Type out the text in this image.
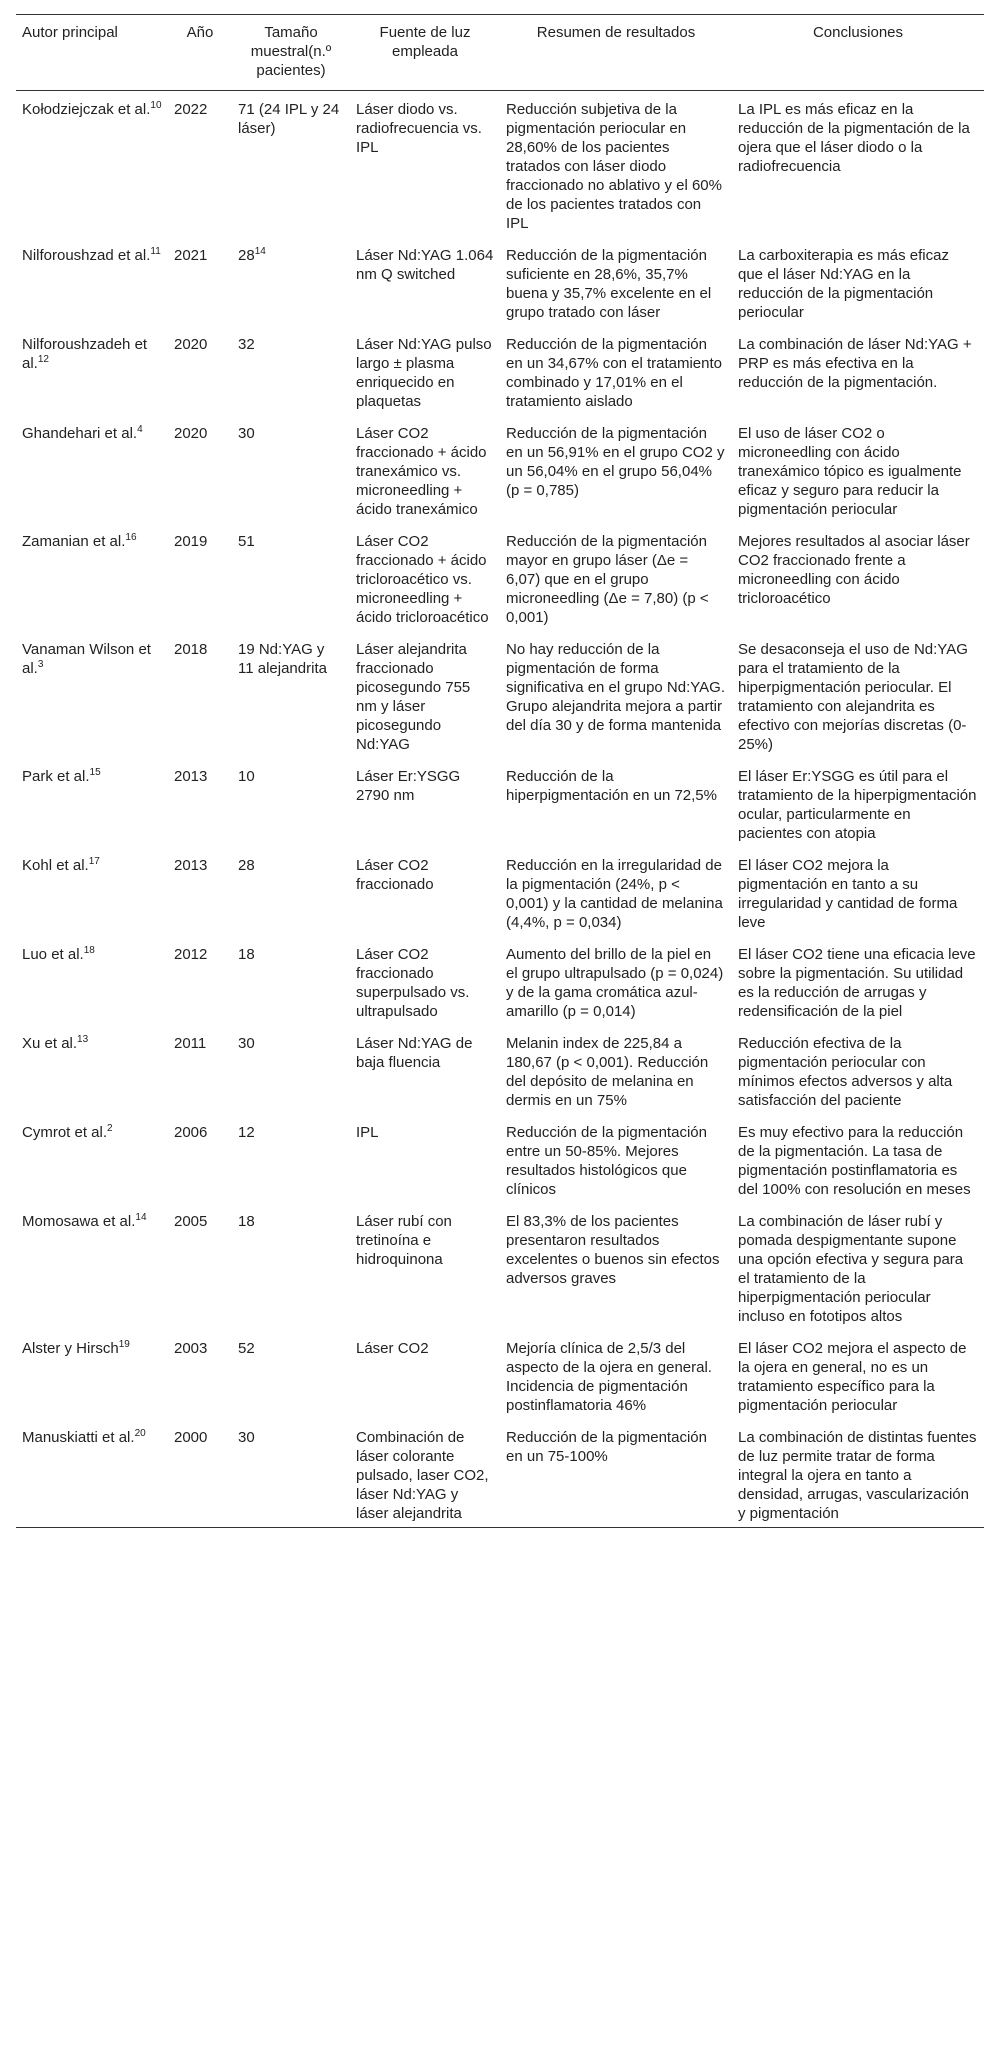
Autor principal	Año	Tamaño muestral(n.º pacientes)	Fuente de luz empleada	Resumen de resultados	Conclusiones
Kołodziejczak et al.$^{10}$	2022	71 (24 IPL y 24 láser)	Láser diodo vs. radiofrecuencia vs. IPL	Reducción subjetiva de la pigmentación periocular en 28,60% de los pacientes tratados con láser diodo fraccionado no ablativo y el 60% de los pacientes tratados con IPL	La IPL es más eficaz en la reducción de la pigmentación de la ojera que el láser diodo o la radiofrecuencia
Nilforoushzad et al.$^{11}$	2021	$28^{14}$	Láser Nd:YAG 1.064 nm Q switched	Reducción de la pigmentación suficiente en 28,6%, 35,7% buena y 35,7% excelente en el grupo tratado con láser	La carboxiterapia es más eficaz que el láser Nd:YAG en la reducción de la pigmentación periocular
Nilforoushzadeh et al.$^{12}$	2020	32	Láser Nd:YAG pulso largo ± plasma enriquecido en plaquetas	Reducción de la pigmentación en un 34,67% con el tratamiento combinado y 17,01% en el tratamiento aislado	La combinación de láser Nd:YAG + PRP es más efectiva en la reducción de la pigmentación.
Ghandehari et al.$^4$	2020	30	Láser CO2 fraccionado + ácido tranexámico vs. microneedling + ácido tranexámico	Reducción de la pigmentación en un 56,91% en el grupo CO2 y un 56,04% en el grupo 56,04% (p = 0,785)	El uso de láser CO2 o microneedling con ácido tranexámico tópico es igualmente eficaz y seguro para reducir la pigmentación periocular
Zamanian et al.$^{16}$	2019	51	Láser CO2 fraccionado + ácido tricloroacético vs. microneedling + ácido tricloroacético	Reducción de la pigmentación mayor en grupo láser (Δe = 6,07) que en el grupo microneedling (Δe = 7,80) (p < 0,001)	Mejores resultados al asociar láser CO2 fraccionado frente a microneedling con ácido tricloroacético
Vanaman Wilson et al.$^3$	2018	19 Nd:YAG y 11 alejandrita	Láser alejandrita fraccionado picosegundo 755 nm y láser picosegundo Nd:YAG	No hay reducción de la pigmentación de forma significativa en el grupo Nd:YAG. Grupo alejandrita mejora a partir del día 30 y de forma mantenida	Se desaconseja el uso de Nd:YAG para el tratamiento de la hiperpigmentación periocular. El tratamiento con alejandrita es efectivo con mejorías discretas (0-25%)
Park et al.$^{15}$	2013	10	Láser Er:YSGG 2790 nm	Reducción de la hiperpigmentación en un 72,5%	El láser Er:YSGG es útil para el tratamiento de la hiperpigmentación ocular, particularmente en pacientes con atopia
Kohl et al.$^{17}$	2013	28	Láser CO2 fraccionado	Reducción en la irregularidad de la pigmentación (24%, p < 0,001) y la cantidad de melanina (4,4%, p = 0,034)	El láser CO2 mejora la pigmentación en tanto a su irregularidad y cantidad de forma leve
Luo et al.$^{18}$	2012	18	Láser CO2 fraccionado superpulsado vs. ultrapulsado	Aumento del brillo de la piel en el grupo ultrapulsado (p = 0,024) y de la gama cromática azul-amarillo (p = 0,014)	El láser CO2 tiene una eficacia leve sobre la pigmentación. Su utilidad es la reducción de arrugas y redensificación de la piel
Xu et al.$^{13}$	2011	30	Láser Nd:YAG de baja fluencia	Melanin index de 225,84 a 180,67 (p < 0,001). Reducción del depósito de melanina en dermis en un 75%	Reducción efectiva de la pigmentación periocular con mínimos efectos adversos y alta satisfacción del paciente
Cymrot et al.$^2$	2006	12	IPL	Reducción de la pigmentación entre un 50-85%. Mejores resultados histológicos que clínicos	Es muy efectivo para la reducción de la pigmentación. La tasa de pigmentación postinflamatoria es del 100% con resolución en meses
Momosawa et al.$^{14}$	2005	18	Láser rubí con tretinoína e hidroquinona	El 83,3% de los pacientes presentaron resultados excelentes o buenos sin efectos adversos graves	La combinación de láser rubí y pomada despigmentante supone una opción efectiva y segura para el tratamiento de la hiperpigmentación periocular incluso en fototipos altos
Alster y Hirsch$^{19}$	2003	52	Láser CO2	Mejoría clínica de 2,5/3 del aspecto de la ojera en general. Incidencia de pigmentación postinflamatoria 46%	El láser CO2 mejora el aspecto de la ojera en general, no es un tratamiento específico para la pigmentación periocular
Manuskiatti et al.$^{20}$	2000	30	Combinación de láser colorante pulsado, laser CO2, láser Nd:YAG y láser alejandrita	Reducción de la pigmentación en un 75-100%	La combinación de distintas fuentes de luz permite tratar de forma integral la ojera en tanto a densidad, arrugas, vascularización y pigmentación
